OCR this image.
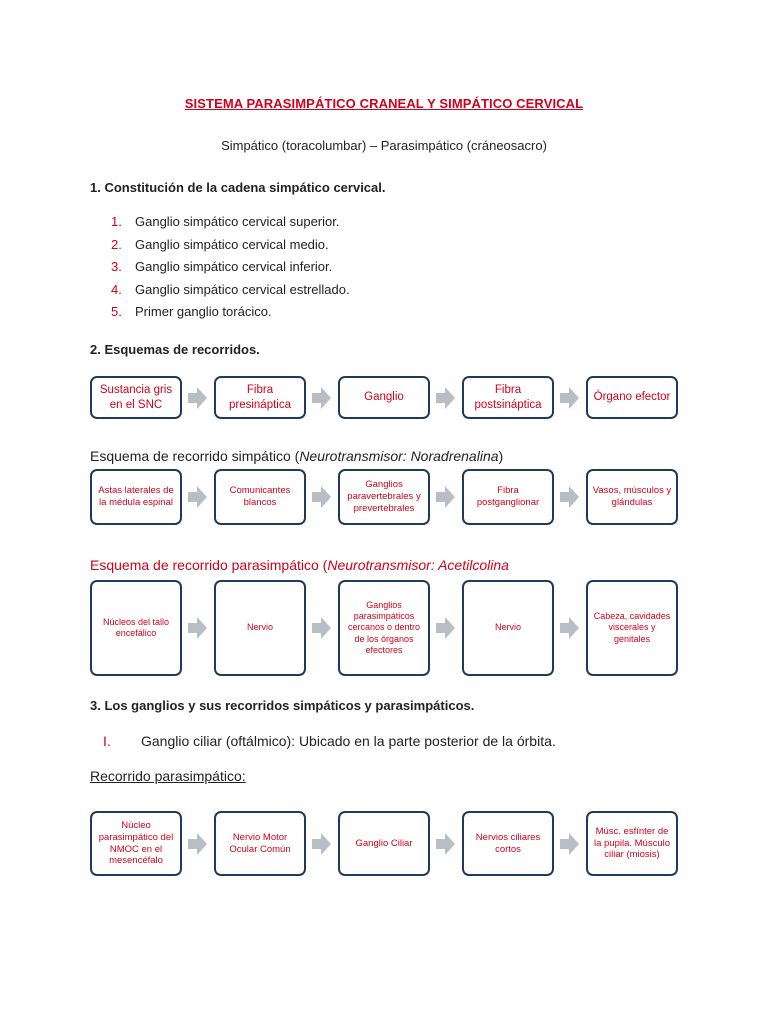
SISTEMA PARASIMPÁTICO CRANEAL Y SIMPÁTICO CERVICAL
Simpático (toracolumbar) – Parasimpático (cráneosacro)
1. Constitución de la cadena simpático cervical.
1.	Ganglio simpático cervical superior.
2.	Ganglio simpático cervical medio.
3.	Ganglio simpático cervical inferior.
4.	Ganglio simpático cervical estrellado.
5.	Primer ganglio torácico.
2. Esquemas de recorridos.
Sustancia gris en el SNC
Fibra presináptica
Ganglio
Fibra postsináptica
Órgano efector
Esquema de recorrido simpático (Neurotransmisor: Noradrenalina)
Astas laterales de la médula espinal
Comunicantes blancos
Ganglios paravertebrales y prevertebrales
Fibra postganglionar
Vasos, músculos y glándulas
Esquema de recorrido parasimpático (Neurotransmisor: Acetilcolina
Núcleos del tallo encefálico
Nervio
Ganglios parasimpáticos cercanos o dentro de los órganos efectores
Nervio
Cabeza, cavidades viscerales y genitales
3. Los ganglios y sus recorridos simpáticos y parasimpáticos.
I.	Ganglio ciliar (oftálmico): Ubicado en la parte posterior de la órbita.
Recorrido parasimpático:
Núcleo parasimpático del NMOC en el mesencéfalo
Nervio Motor Ocular Común
Ganglio Ciliar
Nervios ciliares cortos
Músc. esfínter de la pupila. Músculo ciliar (miosis)
